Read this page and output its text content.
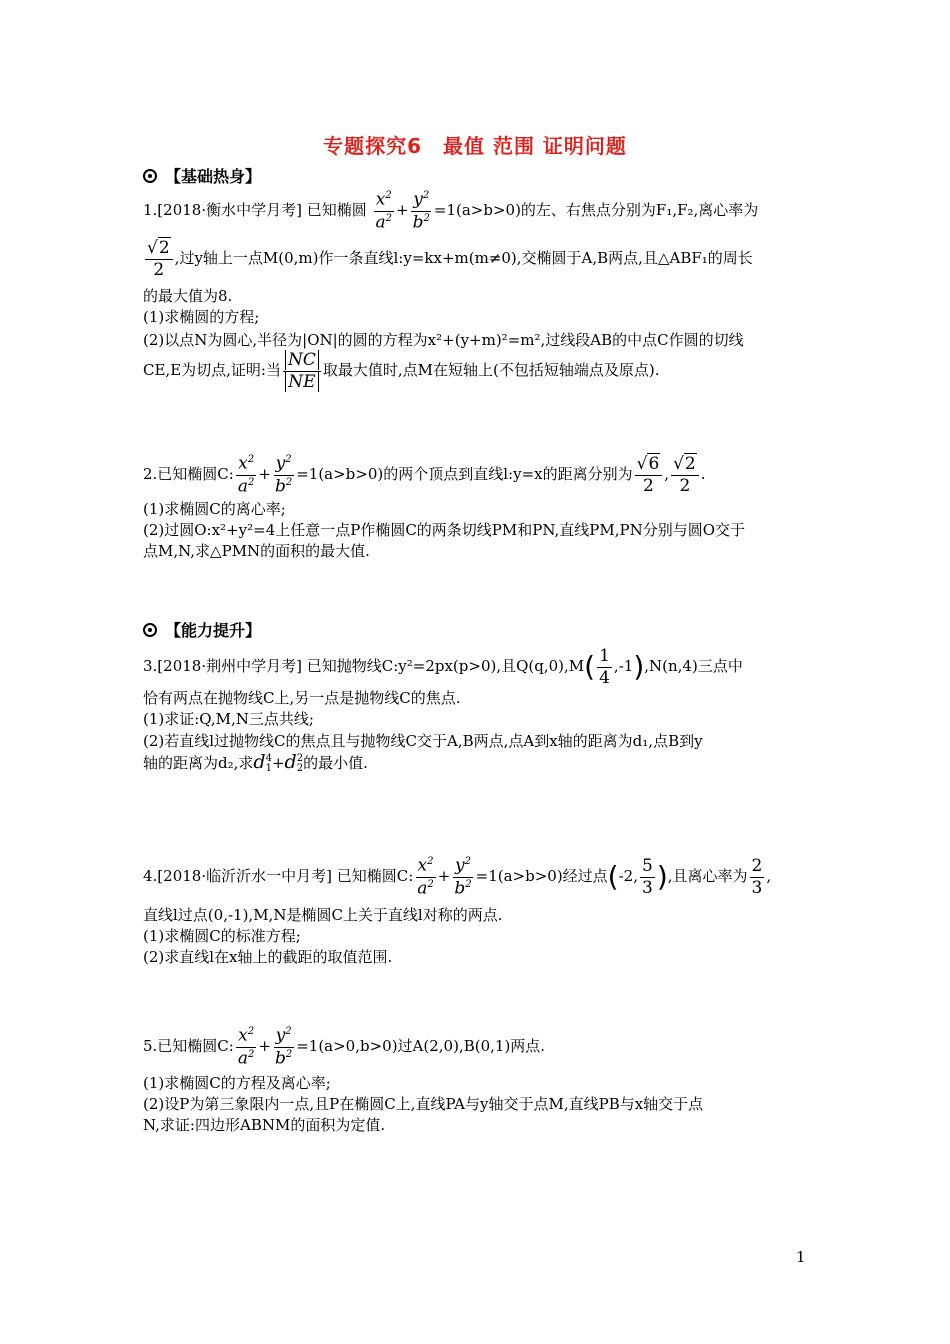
专题探究6　最值 范围 证明问题
【基础热身】
1.[2018·衡水中学月考] 已知椭圆 $\frac{x^2}{a^2} + \frac{y^2}{b^2} =1(a>b>0)$的左、右焦点分别为F₁,F₂,离心率为
$\frac{√2}{2}$ ,过y轴上一点M(0,m)作一条直线l:y=kx+m(m≠0),交椭圆于A,B两点,且△ABF₁的周长
的最大值为8.
(1)求椭圆的方程;
(2)以点N为圆心,半径为|ON|的圆的方程为x²+(y+m)²=m²,过线段AB的中点C作圆的切线
CE,E为切点,证明:当 $\frac{NC}{NE}$ 取最大值时,点M在短轴上(不包括短轴端点及原点).
2.已知椭圆C: $\frac{x^2}{a^2} + \frac{y^2}{b^2} =1(a>b>0)$的两个顶点到直线l:y=x的距离分别为 $\frac{√6}{2}$ , $\frac{√2}{2}$ .
(1)求椭圆C的离心率;
(2)过圆O:x²+y²=4上任意一点P作椭圆C的两条切线PM和PN,直线PM,PN分别与圆O交于
点M,N,求△PMN的面积的最大值.
【能力提升】
3.[2018·荆州中学月考] 已知抛物线C:y²=2px(p>0),且$Q(q,0),M( \frac{1}{4} ,-1),N(n,4)$三点中
恰有两点在抛物线C上,另一点是抛物线C的焦点.
(1)求证:Q,M,N三点共线;
(2)若直线l过抛物线C的焦点且与抛物线C交于A,B两点,点A到x轴的距离为d₁,点B到y
轴的距离为d₂,求d 4
1 +d 2
2 的最小值.
4.[2018·临沂沂水一中月考] 已知椭圆C: $\frac{x^2}{a^2} + \frac{y^2}{b^2} =1(a>b>0)$经过点(-2, $\frac{5}{3}$ ),且离心率为 $\frac{2}{3}$ ,
直线l过点(0,-1),M,N是椭圆C上关于直线l对称的两点.
(1)求椭圆C的标准方程;
(2)求直线l在x轴上的截距的取值范围.
5.已知椭圆C: $\frac{x^2}{a^2} + \frac{y^2}{b^2} =1(a>0,b>0)$过A(2,0),B(0,1)两点.
(1)求椭圆C的方程及离心率;
(2)设P为第三象限内一点,且P在椭圆C上,直线PA与y轴交于点M,直线PB与x轴交于点
N,求证:四边形ABNM的面积为定值.
1
